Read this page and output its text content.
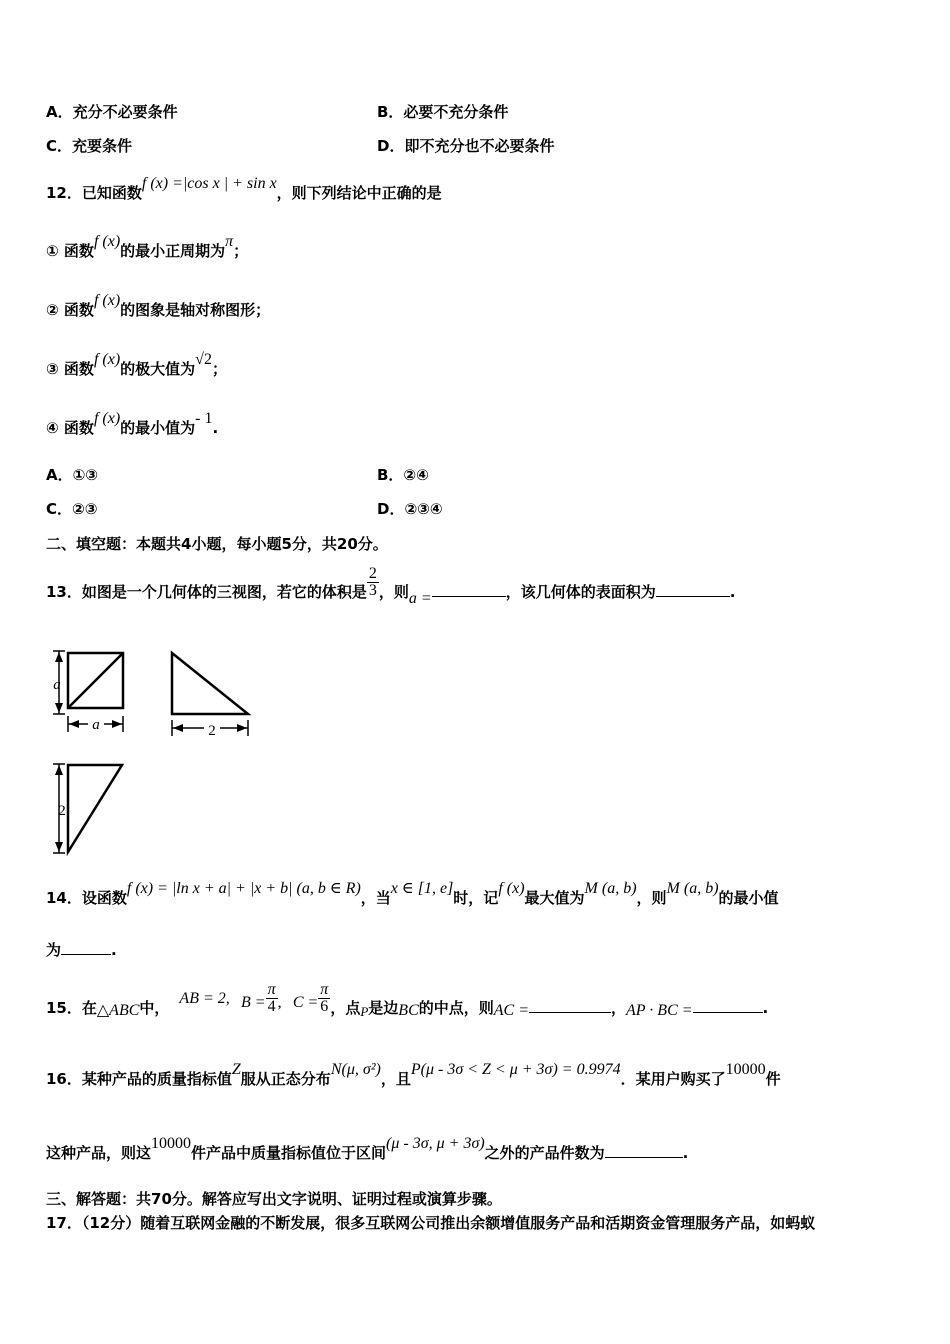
A．充分不必要条件	B．必要不充分条件
C．充要条件	D．即不充分也不必要条件
12．已知函数f (x) =|cos x | + sin x，则下列结论中正确的是
① 函数f (x)的最小正周期为π；
② 函数f (x)的图象是轴对称图形；
③ 函数f (x)的极大值为√2；
④ 函数f (x)的最小值为- 1.
A．①③	B．②④
C．②③	D．②③④
二、填空题：本题共4小题，每小题5分，共20分。
13．如图是一个几何体的三视图，若它的体积是 $\frac{2}{3}$ ，则a =	，该几何体的表面积为	.
a
a	2
2
14．设函数f (x) = |ln x + a| + |x + b| (a, b ∈ R)，当x ∈ [1, e]时，记f (x)最大值为M (a, b)，则M (a, b)的最小值
为	.
15．在△ABC中，AB = 2, $B = \frac{\pi}{4}$ , $C = \frac{\pi}{6}$ ，点P是边BC的中点，则AC =	，AP · BC =	.
16．某种产品的质量指标值Z服从正态分布N(μ, σ²)，且P(μ - 3σ < Z < μ + 3σ) = 0.9974．某用户购买了10000件
这种产品，则这10000件产品中质量指标值位于区间(μ - 3σ, μ + 3σ)之外的产品件数为	.
三、解答题：共70分。解答应写出文字说明、证明过程或演算步骤。
17．（12分）随着互联网金融的不断发展，很多互联网公司推出余额增值服务产品和活期资金管理服务产品，如蚂蚁
